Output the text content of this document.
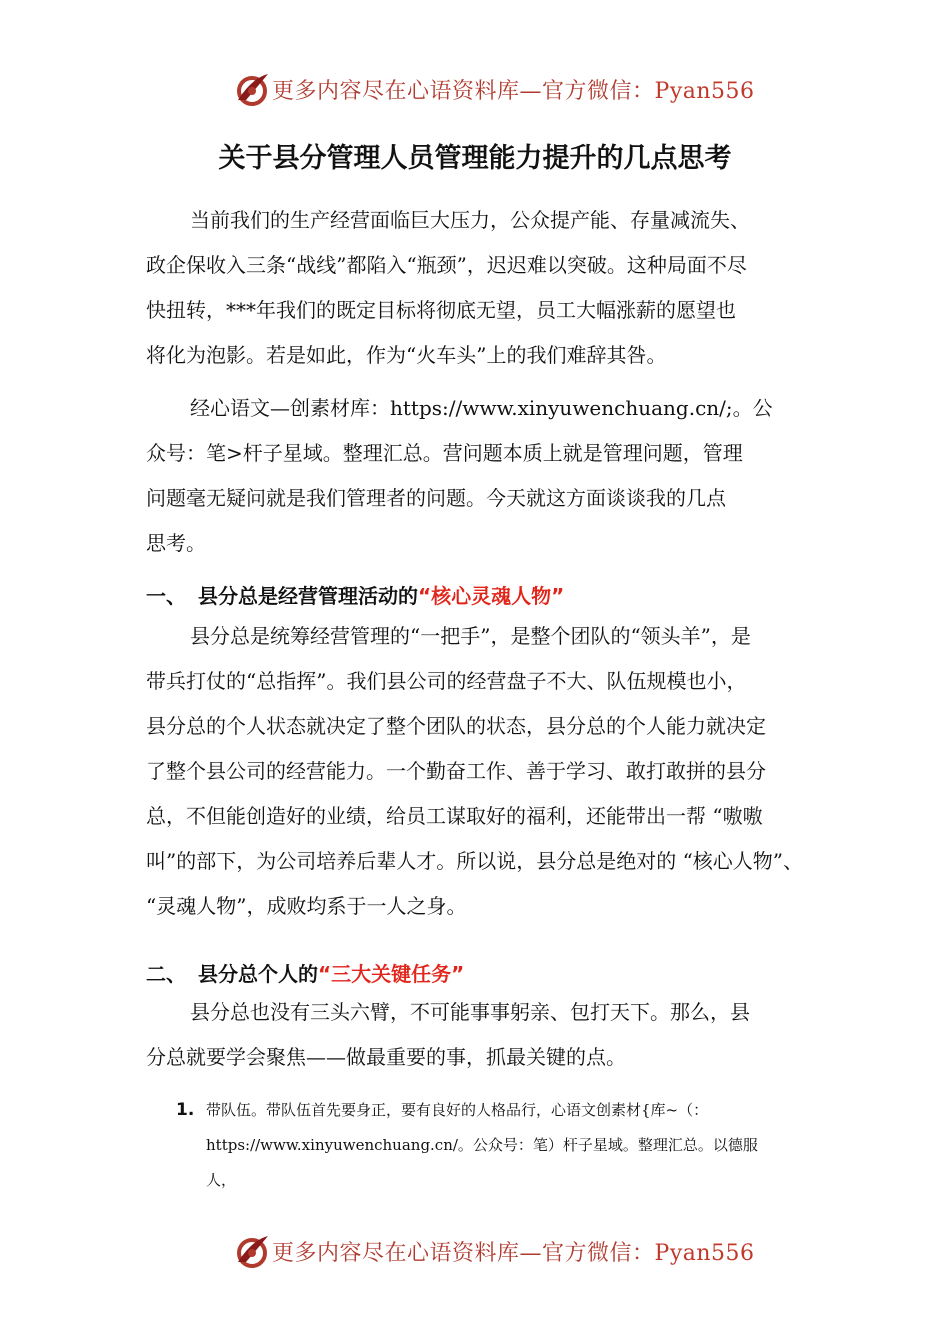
更多内容尽在心语资料库—官方微信：Pyan556
关于县分管理人员管理能力提升的几点思考
当前我们的生产经营面临巨大压力，公众提产能、存量减流失、
政企保收入三条“战线”都陷入“瓶颈”，迟迟难以突破。这种局面不尽
快扭转，***年我们的既定目标将彻底无望，员工大幅涨薪的愿望也
将化为泡影。若是如此，作为“火车头”上的我们难辞其咎。
经心语文—创素材库：https://www.xinyuwenchuang.cn/;。公
众号：笔>杆子星域。整理汇总。营问题本质上就是管理问题，管理
问题毫无疑问就是我们管理者的问题。今天就这方面谈谈我的几点
思考。
一、 县分总是经营管理活动的“核心灵魂人物”
县分总是统筹经营管理的“一把手”，是整个团队的“领头羊”，是
带兵打仗的“总指挥”。我们县公司的经营盘子不大、队伍规模也小，
县分总的个人状态就决定了整个团队的状态，县分总的个人能力就决定
了整个县公司的经营能力。一个勤奋工作、善于学习、敢打敢拼的县分
总，不但能创造好的业绩，给员工谋取好的福利，还能带出一帮 “嗷嗷
叫”的部下，为公司培养后辈人才。所以说，县分总是绝对的 “核心人物”、
“灵魂人物”，成败均系于一人之身。
二、 县分总个人的“三大关键任务”
县分总也没有三头六臂，不可能事事躬亲、包打天下。那么，县
分总就要学会聚焦——做最重要的事，抓最关键的点。
1. 带队伍。带队伍首先要身正，要有良好的人格品行，心语文创素材{库~（：
https://www.xinyuwenchuang.cn/。公众号：笔）杆子星域。整理汇总。以德服
人，
更多内容尽在心语资料库—官方微信：Pyan556
